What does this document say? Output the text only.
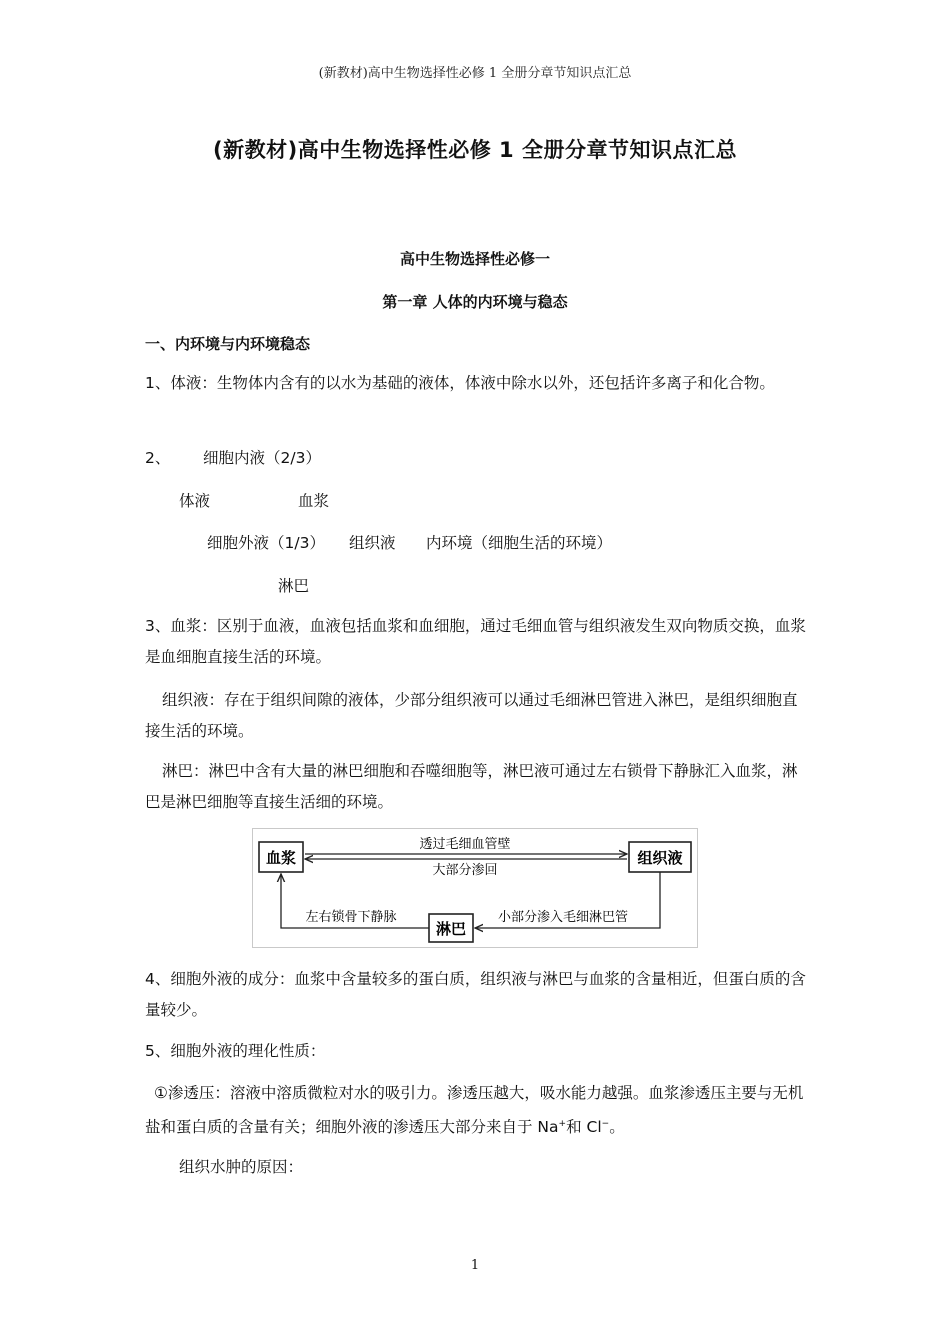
(新教材)高中生物选择性必修 1 全册分章节知识点汇总
(新教材)高中生物选择性必修 1 全册分章节知识点汇总
高中生物选择性必修一
第一章 人体的内环境与稳态
一、内环境与内环境稳态
1、体液：生物体内含有的以水为基础的液体，体液中除水以外，还包括许多离子和化合物。
2、 细胞内液（2/3）
体液	血浆
细胞外液（1/3） 组织液 内环境（细胞生活的环境）
淋巴
3、血浆：区别于血液，血液包括血浆和血细胞，通过毛细血管与组织液发生双向物质交换，血浆是血细胞直接生活的环境。
组织液：存在于组织间隙的液体，少部分组织液可以通过毛细淋巴管进入淋巴，是组织细胞直接生活的环境。
淋巴：淋巴中含有大量的淋巴细胞和吞噬细胞等，淋巴液可通过左右锁骨下静脉汇入血浆，淋巴是淋巴细胞等直接生活细的环境。
血浆	组织液
淋巴
透过毛细血管壁
大部分渗回
小部分渗入毛细淋巴管
左右锁骨下静脉
4、细胞外液的成分：血浆中含量较多的蛋白质，组织液与淋巴与血浆的含量相近，但蛋白质的含量较少。
5、细胞外液的理化性质：
①渗透压：溶液中溶质微粒对水的吸引力。渗透压越大，吸水能力越强。血浆渗透压主要与无机盐和蛋白质的含量有关；细胞外液的渗透压大部分来自于 Na+和 Cl−。
组织水肿的原因：
1
